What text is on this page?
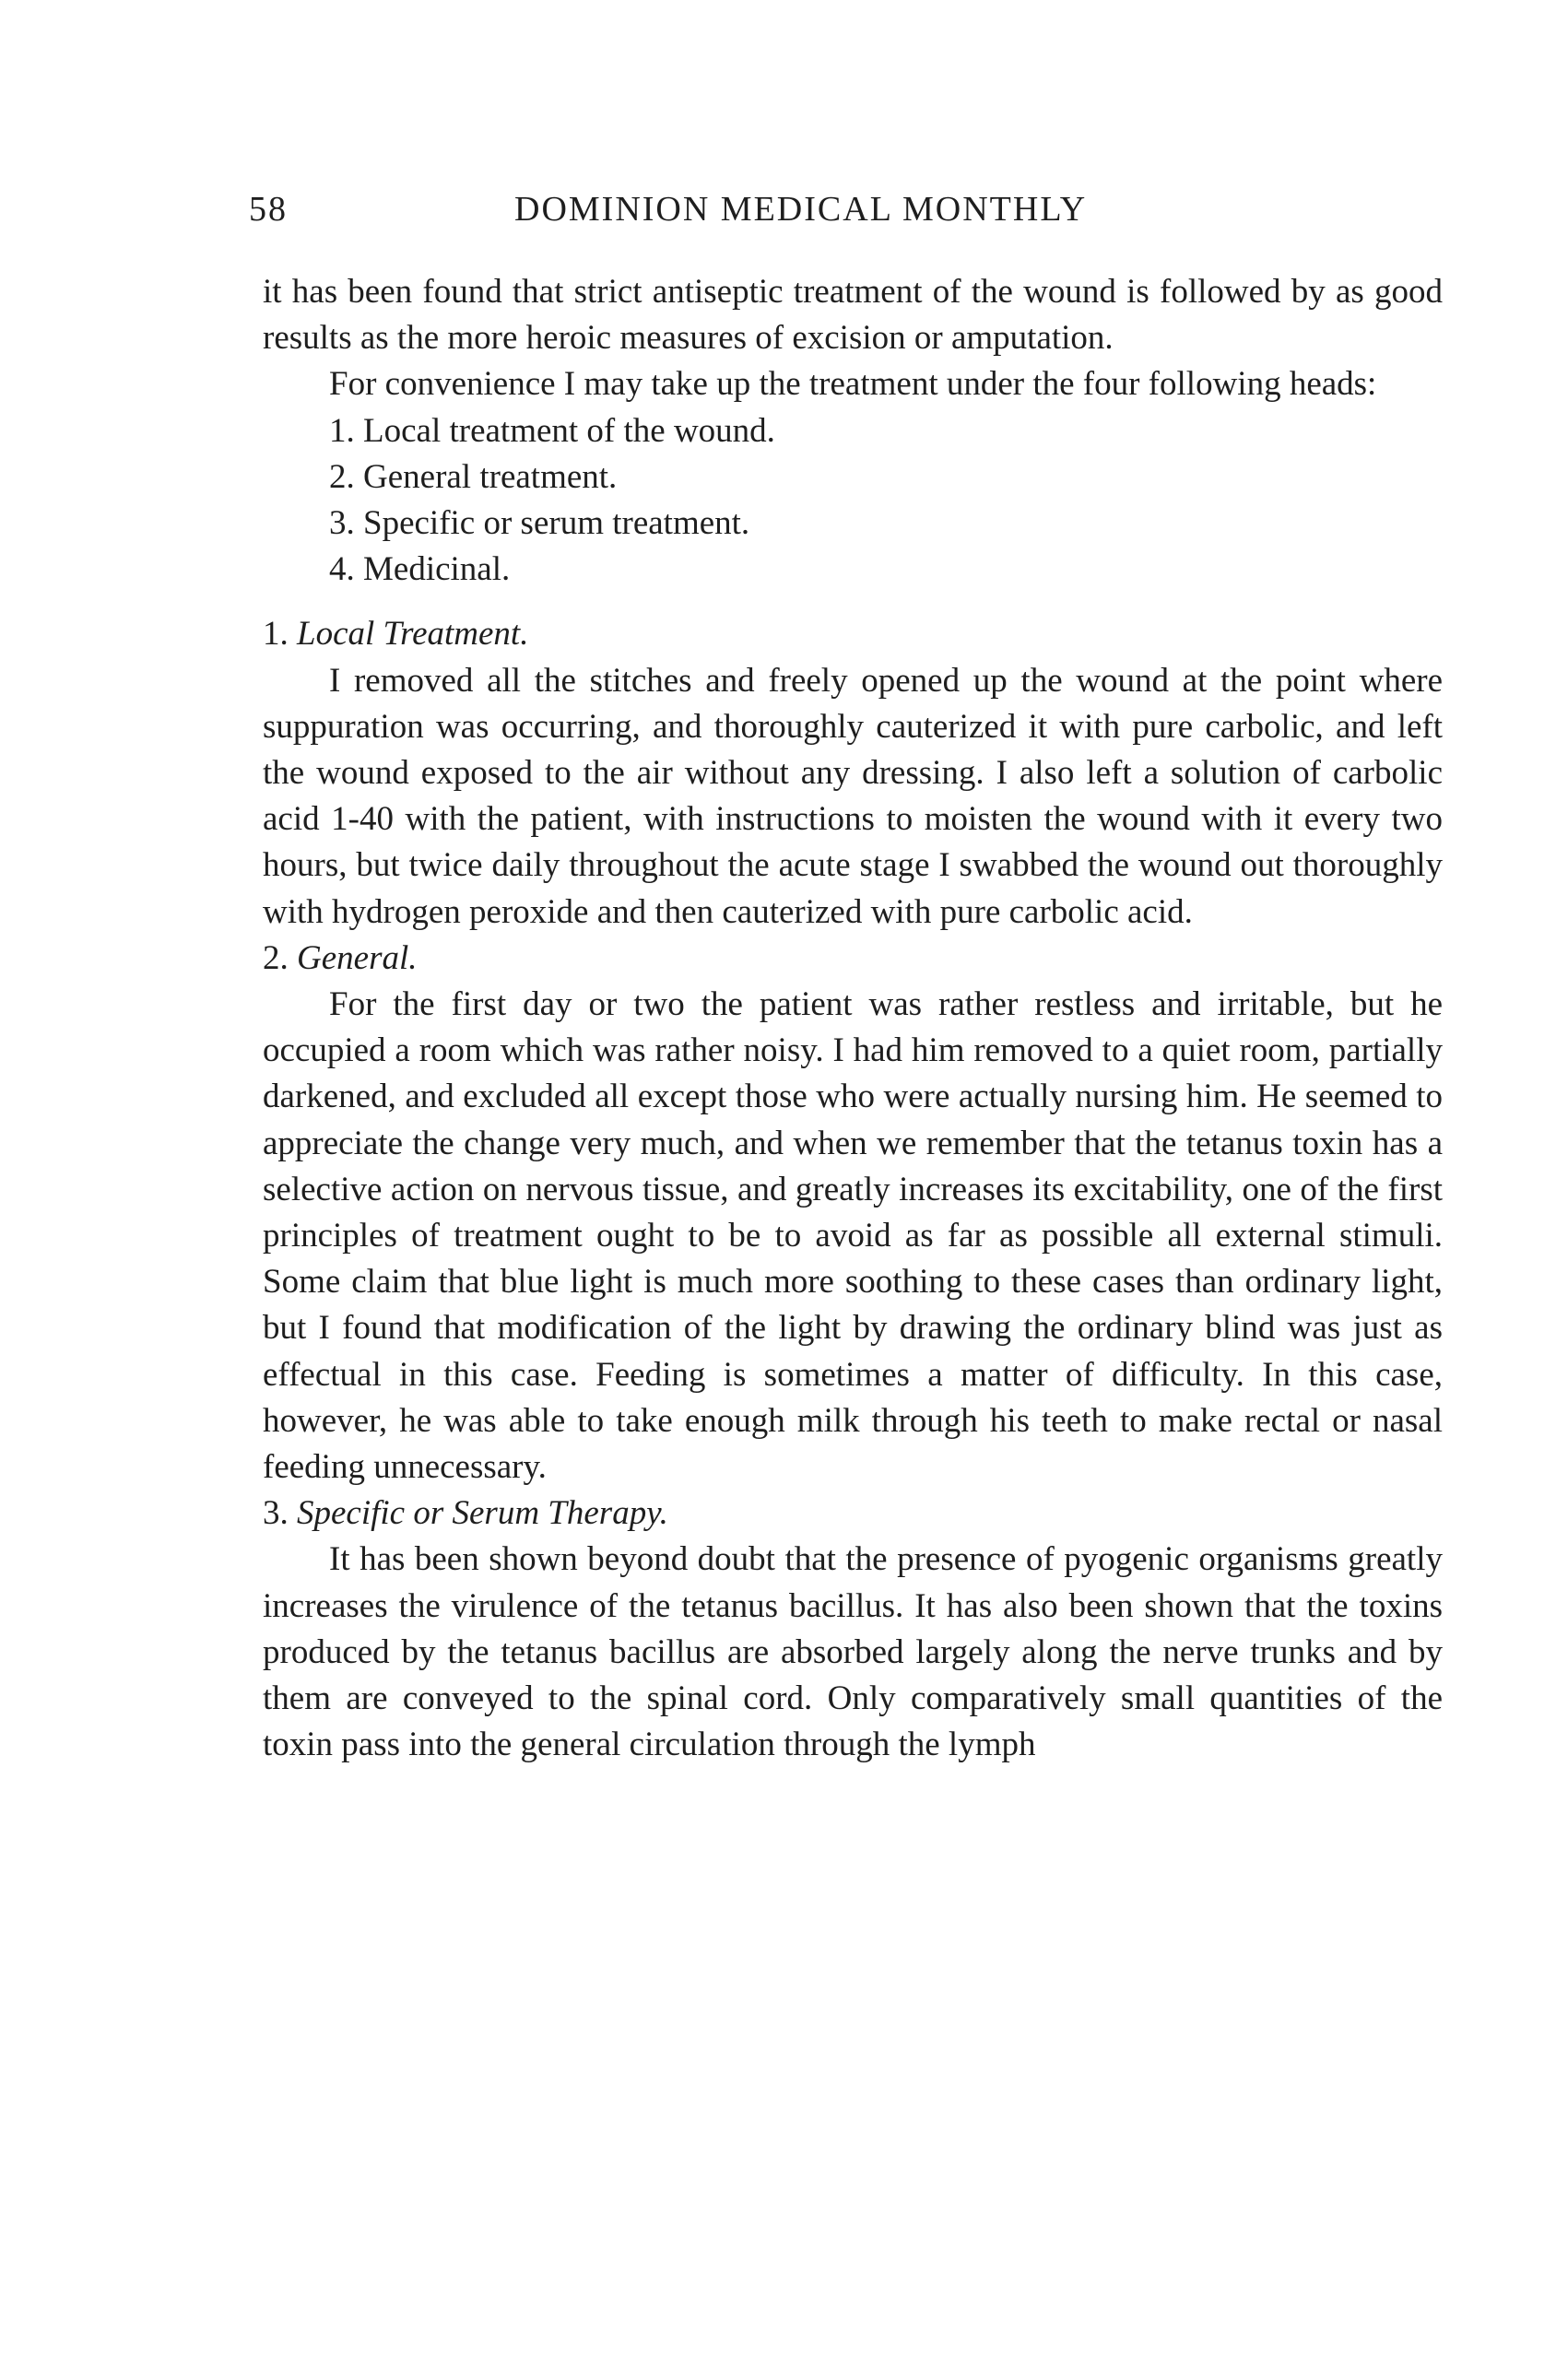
58	DOMINION MEDICAL MONTHLY

it has been found that strict antiseptic treatment of the wound is followed by as good results as the more heroic measures of excision or amputation.

For convenience I may take up the treatment under the four following heads:

1. Local treatment of the wound.
2. General treatment.
3. Specific or serum treatment.
4. Medicinal.

1. Local Treatment.

I removed all the stitches and freely opened up the wound at the point where suppuration was occurring, and thoroughly cauterized it with pure carbolic, and left the wound exposed to the air without any dressing. I also left a solution of carbolic acid 1-40 with the patient, with instructions to moisten the wound with it every two hours, but twice daily throughout the acute stage I swabbed the wound out thoroughly with hydrogen peroxide and then cauterized with pure carbolic acid.

2. General.

For the first day or two the patient was rather restless and irritable, but he occupied a room which was rather noisy. I had him removed to a quiet room, partially darkened, and excluded all except those who were actually nursing him. He seemed to appreciate the change very much, and when we remember that the tetanus toxin has a selective action on nervous tissue, and greatly increases its excitability, one of the first principles of treatment ought to be to avoid as far as possible all external stimuli. Some claim that blue light is much more soothing to these cases than ordinary light, but I found that modification of the light by drawing the ordinary blind was just as effectual in this case. Feeding is sometimes a matter of difficulty. In this case, however, he was able to take enough milk through his teeth to make rectal or nasal feeding unnecessary.

3. Specific or Serum Therapy.

It has been shown beyond doubt that the presence of pyogenic organisms greatly increases the virulence of the tetanus bacillus. It has also been shown that the toxins produced by the tetanus bacillus are absorbed largely along the nerve trunks and by them are conveyed to the spinal cord. Only comparatively small quantities of the toxin pass into the general circulation through the lymph
